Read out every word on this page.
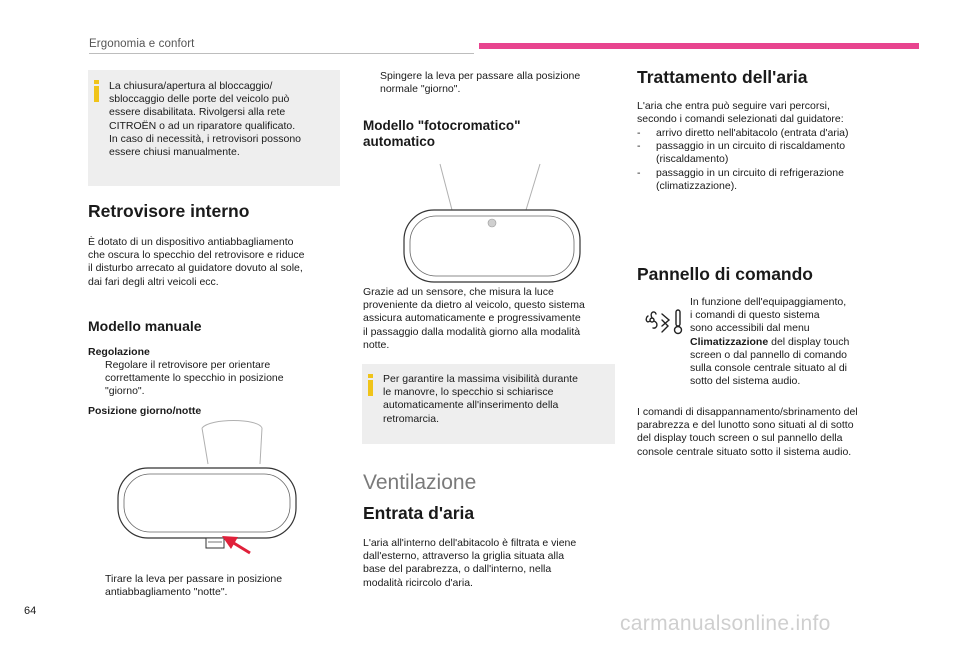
Ergonomia e confort
La chiusura/apertura al bloccaggio/
sbloccaggio delle porte del veicolo può
essere disabilitata. Rivolgersi alla rete
CITROËN o ad un riparatore qualificato.
In caso di necessità, i retrovisori possono
essere chiusi manualmente.
Retrovisore interno
È dotato di un dispositivo antiabbagliamento
che oscura lo specchio del retrovisore e riduce
il disturbo arrecato al guidatore dovuto al sole,
dai fari degli altri veicoli ecc.
Modello manuale
Regolazione
Regolare il retrovisore per orientare
correttamente lo specchio in posizione
"giorno".
Posizione giorno/notte
Tirare la leva per passare in posizione
antiabbagliamento "notte".
Spingere la leva per passare alla posizione
normale "giorno".
Modello "fotocromatico"
automatico
Grazie ad un sensore, che misura la luce
proveniente da dietro al veicolo, questo sistema
assicura automaticamente e progressivamente
il passaggio dalla modalità giorno alla modalità
notte.
Per garantire la massima visibilità durante
le manovre, lo specchio si schiarisce
automaticamente all'inserimento della
retromarcia.
Ventilazione
Entrata d'aria
L'aria all'interno dell'abitacolo è filtrata e viene
dall'esterno, attraverso la griglia situata alla
base del parabrezza, o dall'interno, nella
modalità ricircolo d'aria.
Trattamento dell'aria
L'aria che entra può seguire vari percorsi,
secondo i comandi selezionati dal guidatore:
- arrivo diretto nell'abitacolo (entrata d'aria)
- passaggio in un circuito di riscaldamento
(riscaldamento)
- passaggio in un circuito di refrigerazione
(climatizzazione).
Pannello di comando
In funzione dell'equipaggiamento,
i comandi di questo sistema
sono accessibili dal menu
Climatizzazione del display touch
screen o dal pannello di comando
sulla console centrale situato al di
sotto del sistema audio.
I comandi di disappannamento/sbrinamento del
parabrezza e del lunotto sono situati al di sotto
del display touch screen o sul pannello della
console centrale situato sotto il sistema audio.
64
carmanualsonline.info
